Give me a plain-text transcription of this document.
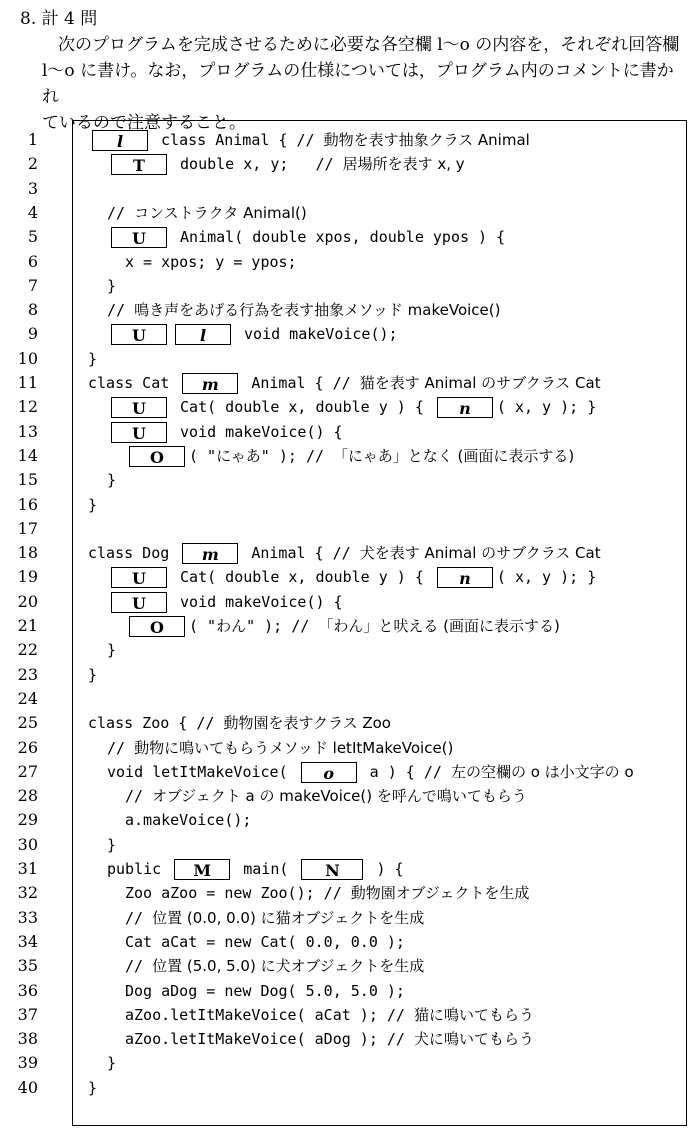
8. 計 4 問
次のプログラムを完成させるために必要な各空欄 l〜o の内容を，それぞれ回答欄
l〜o に書け。なお，プログラムの仕様については，プログラム内のコメントに書かれ
ているので注意すること。
1	l class Animal { // 動物を表す抽象クラス Animal
2	T double x, y;   // 居場所を表す x, y
3
4	// コンストラクタ Animal()
5	U Animal( double xpos, double ypos ) {
6	x = xpos; y = ypos;
7	}
8	// 鳴き声をあげる行為を表す抽象メソッド makeVoice()
9	U	l void makeVoice();
10	}
11	class Cat m Animal { // 猫を表す Animal のサブクラス Cat
12	U Cat( double x, double y ) { n ( x, y ); }
13	U void makeVoice() {
14	O ( "にゃあ" ); // 「にゃあ」となく (画面に表示する)
15	}
16	}
17
18	class Dog m Animal { // 犬を表す Animal のサブクラス Cat
19	U Cat( double x, double y ) { n ( x, y ); }
20	U void makeVoice() {
21	O ( "わん" ); // 「わん」と吠える (画面に表示する)
22	}
23	}
24
25	class Zoo { // 動物園を表すクラス Zoo
26	// 動物に鳴いてもらうメソッド letItMakeVoice()
27	void letItMakeVoice( o a ) { // 左の空欄の o は小文字の o
28	// オブジェクト a の makeVoice() を呼んで鳴いてもらう
29	a.makeVoice();
30	}
31	public M main( N ) {
32	Zoo aZoo = new Zoo(); // 動物園オブジェクトを生成
33	// 位置 (0.0, 0.0) に猫オブジェクトを生成
34	Cat aCat = new Cat( 0.0, 0.0 );
35	// 位置 (5.0, 5.0) に犬オブジェクトを生成
36	Dog aDog = new Dog( 5.0, 5.0 );
37	aZoo.letItMakeVoice( aCat ); // 猫に鳴いてもらう
38	aZoo.letItMakeVoice( aDog ); // 犬に鳴いてもらう
39	}
40	}
